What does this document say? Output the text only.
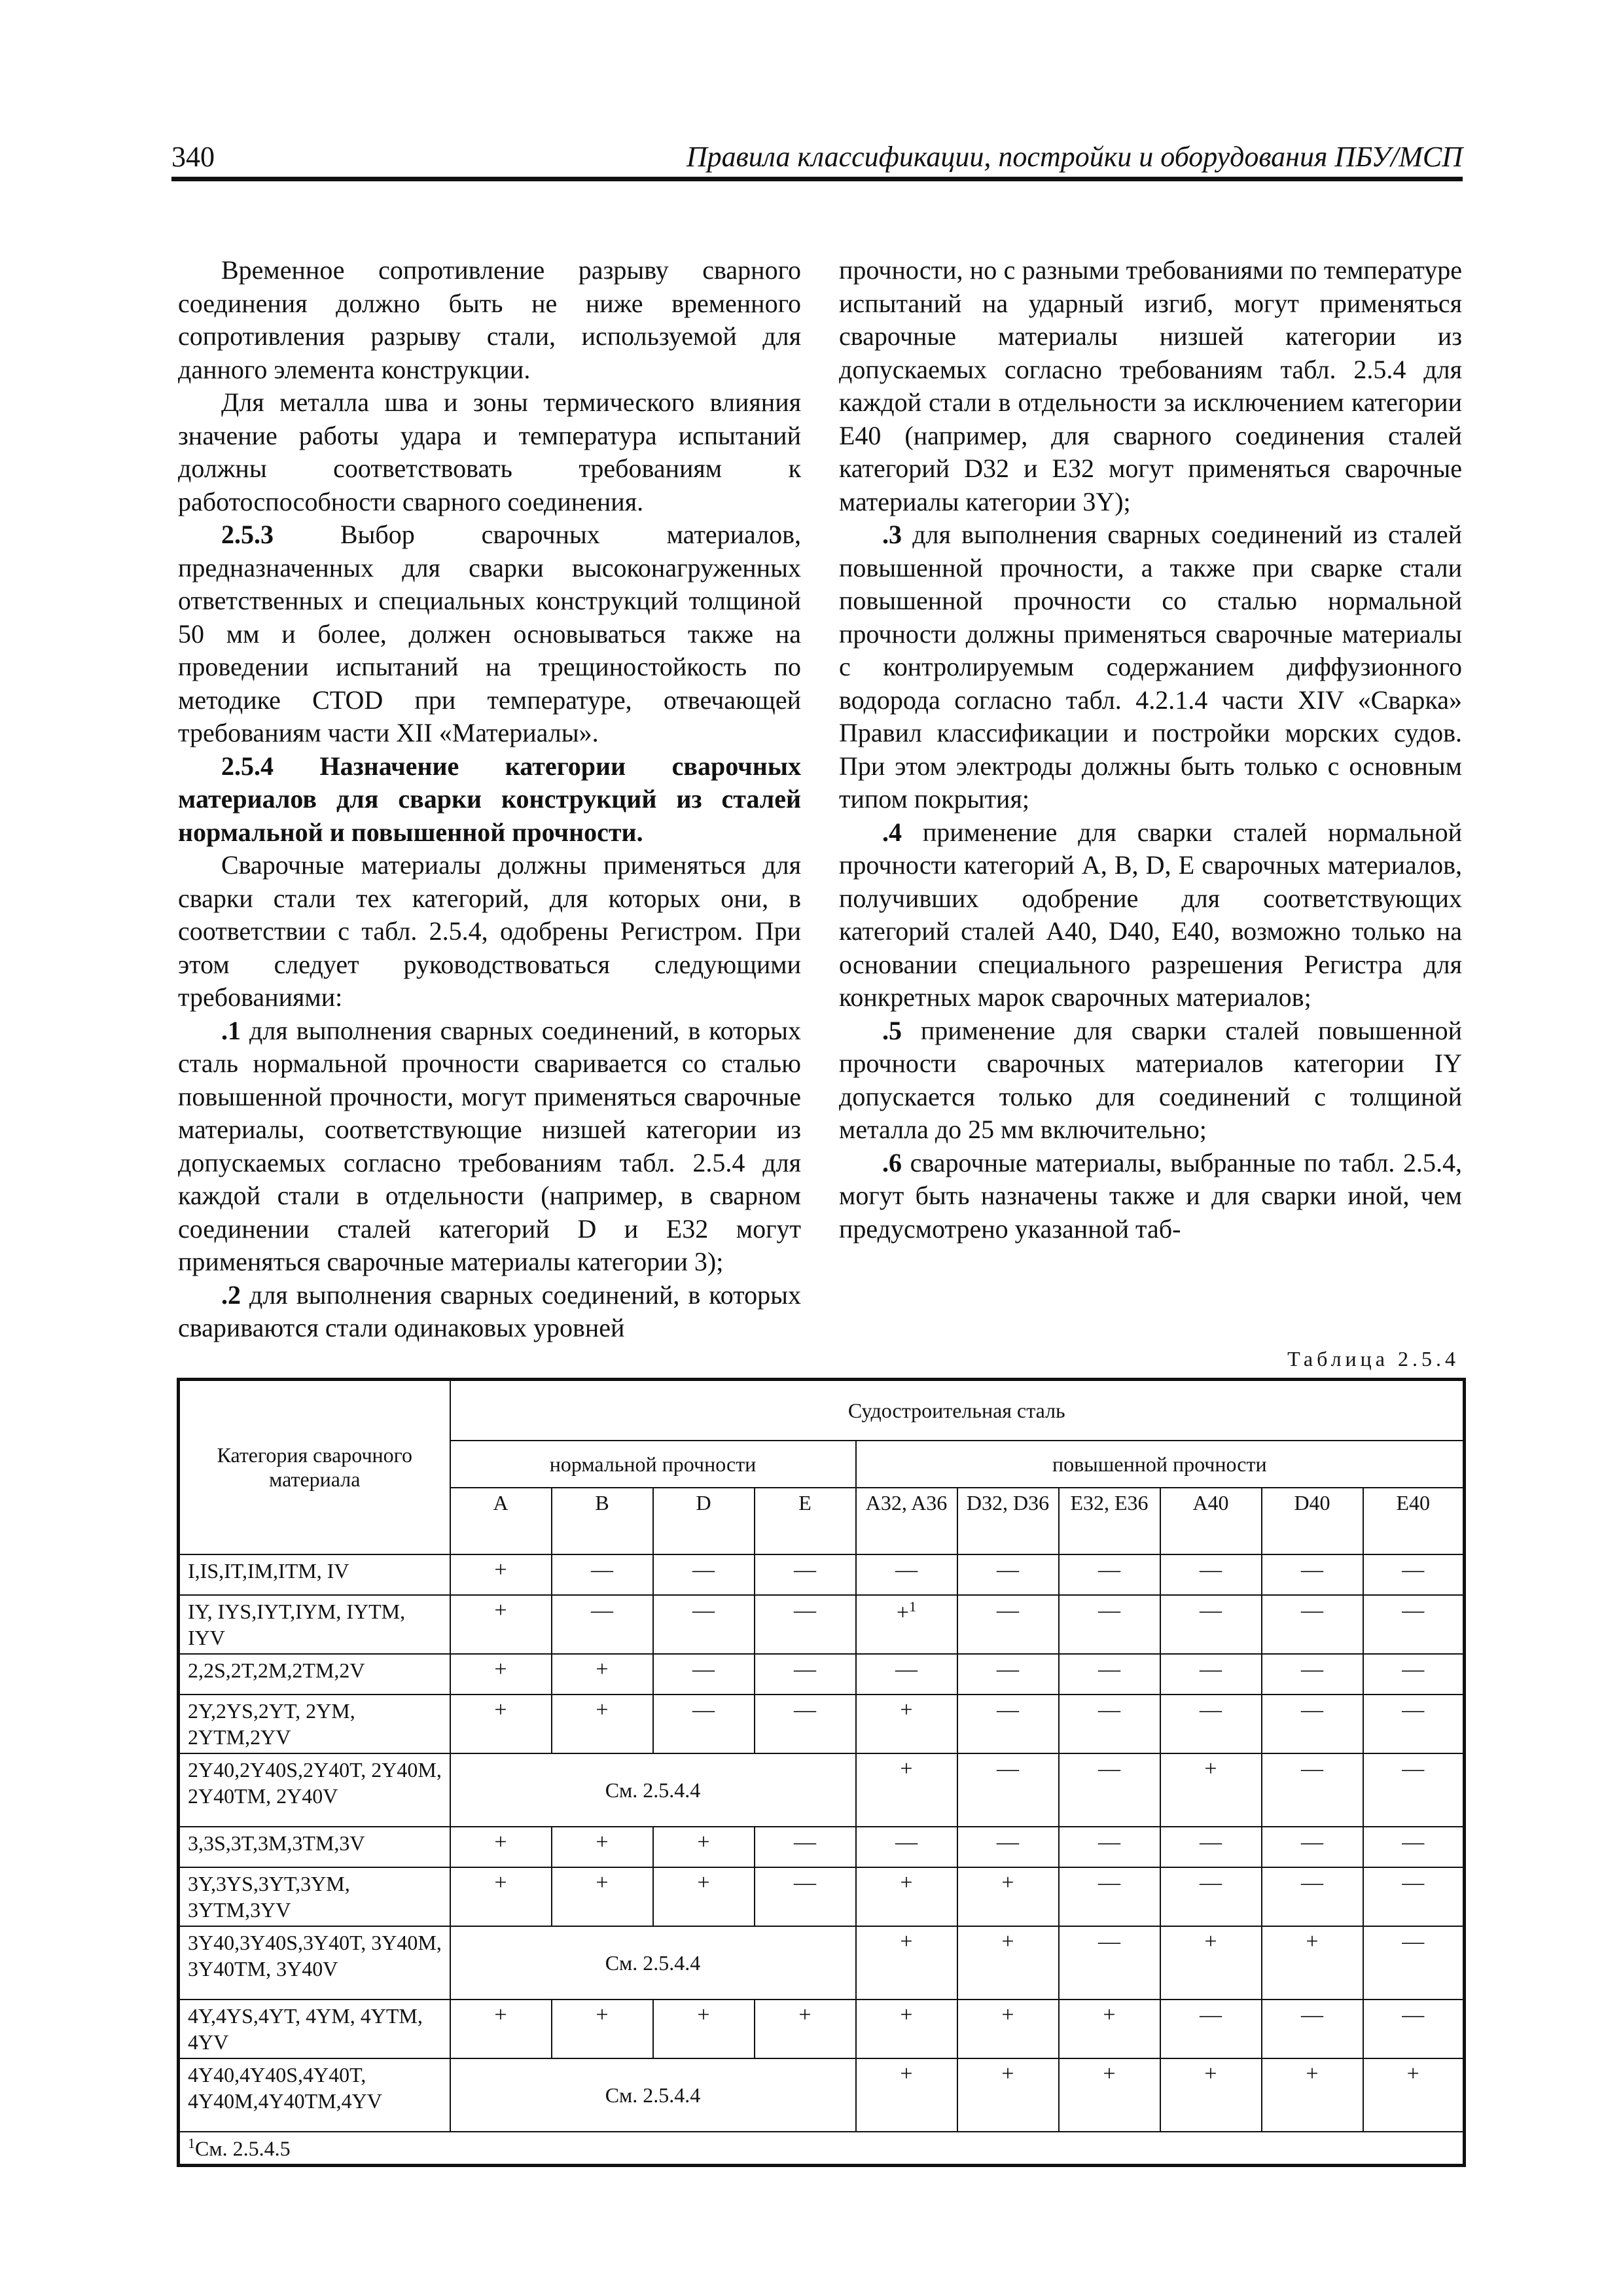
340	Правила классификации, постройки и оборудования ПБУ/МСП

Временное сопротивление разрыву сварного соединения должно быть не ниже временного сопротивления разрыву стали, используемой для данного элемента конструкции.

Для металла шва и зоны термического влияния значение работы удара и температура испытаний должны соответствовать требованиям к работоспособности сварного соединения.

2.5.3 Выбор сварочных материалов, предназначенных для сварки высоконагруженных ответственных и специальных конструкций толщиной 50 мм и более, должен основываться также на проведении испытаний на трещиностойкость по методике CTOD при температуре, отвечающей требованиям части XII «Материалы».

2.5.4 Назначение категории сварочных материалов для сварки конструкций из сталей нормальной и повышенной прочности.

Сварочные материалы должны применяться для сварки стали тех категорий, для которых они, в соответствии с табл. 2.5.4, одобрены Регистром. При этом следует руководствоваться следующими требованиями:

.1 для выполнения сварных соединений, в которых сталь нормальной прочности сваривается со сталью повышенной прочности, могут применяться сварочные материалы, соответствующие низшей категории из допускаемых согласно требованиям табл. 2.5.4 для каждой стали в отдельности (например, в сварном соединении сталей категорий D и E32 могут применяться сварочные материалы категории 3);

.2 для выполнения сварных соединений, в которых свариваются стали одинаковых уровней

прочности, но с разными требованиями по температуре испытаний на ударный изгиб, могут применяться сварочные материалы низшей категории из допускаемых согласно требованиям табл. 2.5.4 для каждой стали в отдельности за исключением категории E40 (например, для сварного соединения сталей категорий D32 и E32 могут применяться сварочные материалы категории 3Y);

.3 для выполнения сварных соединений из сталей повышенной прочности, а также при сварке стали повышенной прочности со сталью нормальной прочности должны применяться сварочные материалы с контролируемым содержанием диффузионного водорода согласно табл. 4.2.1.4 части XIV «Сварка» Правил классификации и постройки морских судов. При этом электроды должны быть только с основным типом покрытия;

.4 применение для сварки сталей нормальной прочности категорий A, B, D, E сварочных материалов, получивших одобрение для соответствующих категорий сталей A40, D40, E40, возможно только на основании специального разрешения Регистра для конкретных марок сварочных материалов;

.5 применение для сварки сталей повышенной прочности сварочных материалов категории IY допускается только для соединений с толщиной металла до 25 мм включительно;

.6 сварочные материалы, выбранные по табл. 2.5.4, могут быть назначены также и для сварки иной, чем предусмотрено указанной таб-

Таблица 2.5.4
Категория сварочного материала	Судостроительная сталь									
	нормальной прочности				повышенной прочности					
	A	B	D	E	A32, A36	D32, D36	E32, E36	A40	D40	E40
I,IS,IT,IM,ITM, IV	+	—	—	—	—	—	—	—	—	—
IY, IYS,IYT,IYM, IYTM, IYV	+	—	—	—	+$^1$	—	—	—	—	—
2,2S,2T,2M,2TM,2V	+	+	—	—	—	—	—	—	—	—
2Y,2YS,2YT, 2YM, 2YTM,2YV	+	+	—	—	+	—	—	—	—	—
2Y40,2Y40S,2Y40T, 2Y40M, 2Y40TM, 2Y40V	См. 2.5.4.4				+	—	—	+	—	—
3,3S,3T,3M,3TM,3V	+	+	+	—	—	—	—	—	—	—
3Y,3YS,3YT,3YM, 3YTM,3YV	+	+	+	—	+	+	—	—	—	—
3Y40,3Y40S,3Y40T, 3Y40M, 3Y40TM, 3Y40V	См. 2.5.4.4				+	+	—	+	+	—
4Y,4YS,4YT, 4YM, 4YTM, 4YV	+	+	+	+	+	+	+	—	—	—
4Y40,4Y40S,4Y40T, 4Y40M,4Y40TM,4YV	См. 2.5.4.4				+	+	+	+	+	+
$^1$См. 2.5.4.5										
